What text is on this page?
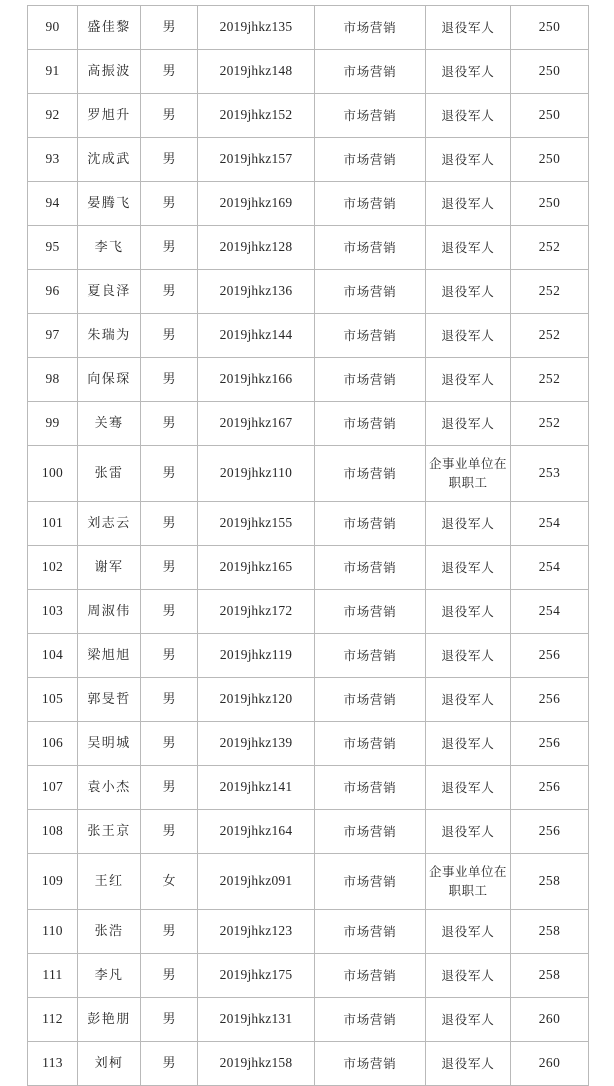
90	盛佳黎	男	2019jhkz135	市场营销	退役军人	250
91	高振波	男	2019jhkz148	市场营销	退役军人	250
92	罗旭升	男	2019jhkz152	市场营销	退役军人	250
93	沈成武	男	2019jhkz157	市场营销	退役军人	250
94	晏腾飞	男	2019jhkz169	市场营销	退役军人	250
95	李飞	男	2019jhkz128	市场营销	退役军人	252
96	夏良泽	男	2019jhkz136	市场营销	退役军人	252
97	朱瑞为	男	2019jhkz144	市场营销	退役军人	252
98	向保琛	男	2019jhkz166	市场营销	退役军人	252
99	关骞	男	2019jhkz167	市场营销	退役军人	252
100	张雷	男	2019jhkz110	市场营销	企事业单位在职职工	253
101	刘志云	男	2019jhkz155	市场营销	退役军人	254
102	谢军	男	2019jhkz165	市场营销	退役军人	254
103	周淑伟	男	2019jhkz172	市场营销	退役军人	254
104	梁旭旭	男	2019jhkz119	市场营销	退役军人	256
105	郭旻哲	男	2019jhkz120	市场营销	退役军人	256
106	吴明城	男	2019jhkz139	市场营销	退役军人	256
107	袁小杰	男	2019jhkz141	市场营销	退役军人	256
108	张王京	男	2019jhkz164	市场营销	退役军人	256
109	王红	女	2019jhkz091	市场营销	企事业单位在职职工	258
110	张浩	男	2019jhkz123	市场营销	退役军人	258
111	李凡	男	2019jhkz175	市场营销	退役军人	258
112	彭艳朋	男	2019jhkz131	市场营销	退役军人	260
113	刘柯	男	2019jhkz158	市场营销	退役军人	260
